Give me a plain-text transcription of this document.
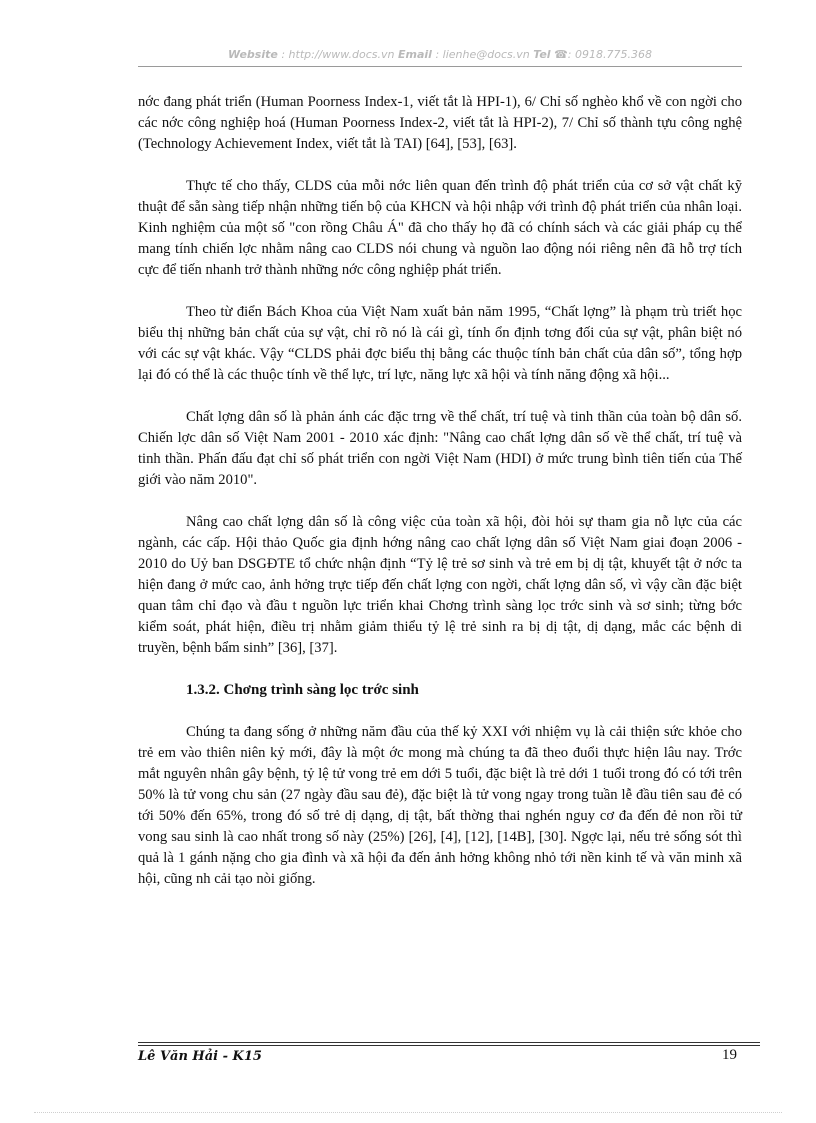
Website : http://www.docs.vn Email : lienhe@docs.vn Tel ☎: 0918.775.368

nớc đang phát triển (Human Poorness Index-1, viết tắt là HPI-1), 6/ Chỉ số nghèo khổ về con ngời cho các nớc công nghiệp hoá (Human Poorness Index-2, viết tắt là HPI-2), 7/ Chỉ số thành tựu công nghệ (Technology Achievement Index, viết tắt là TAI) [64], [53], [63].

Thực tế cho thấy, CLDS của mỗi nớc liên quan đến trình độ phát triển của cơ sở vật chất kỹ thuật để sẵn sàng tiếp nhận những tiến bộ của KHCN và hội nhập với trình độ phát triển của nhân loại. Kinh nghiệm của một số "con rồng Châu Á" đã cho thấy họ đã có chính sách và các giải pháp cụ thể mang tính chiến lợc nhằm nâng cao CLDS nói chung và nguồn lao động nói riêng nên đã hỗ trợ tích cực để tiến nhanh trở thành những nớc công nghiệp phát triển.

Theo từ điển Bách Khoa của Việt Nam xuất bản năm 1995, “Chất lợng” là phạm trù triết học biểu thị những bản chất của sự vật, chỉ rõ nó là cái gì, tính ổn định tơng đối của sự vật, phân biệt nó với các sự vật khác. Vậy “CLDS phải đợc biểu thị bằng các thuộc tính bản chất của dân số”, tổng hợp lại đó có thể là các thuộc tính về thể lực, trí lực, năng lực xã hội và tính năng động xã hội...

Chất lợng dân số là phản ánh các đặc trng về thể chất, trí tuệ và tinh thần của toàn bộ dân số. Chiến lợc dân số Việt Nam 2001 - 2010 xác định: "Nâng cao chất lợng dân số về thể chất, trí tuệ và tinh thần. Phấn đấu đạt chỉ số phát triển con ngời Việt Nam (HDI) ở mức trung bình tiên tiến của Thế giới vào năm 2010".

Nâng cao chất lợng dân số là công việc của toàn xã hội, đòi hỏi sự tham gia nỗ lực của các ngành, các cấp. Hội thảo Quốc gia định hớng nâng cao chất lợng dân số Việt Nam giai đoạn 2006 - 2010 do Uỷ ban DSGĐTE tổ chức nhận định “Tỷ lệ trẻ sơ sinh và trẻ em bị dị tật, khuyết tật ở nớc ta hiện đang ở mức cao, ảnh hởng trực tiếp đến chất lợng con ngời, chất lợng dân số, vì vậy cần đặc biệt quan tâm chỉ đạo và đầu t nguồn lực triển khai Chơng trình sàng lọc trớc sinh và sơ sinh; từng bớc kiểm soát, phát hiện, điều trị nhằm giảm thiểu tỷ lệ trẻ sinh ra bị dị tật, dị dạng, mắc các bệnh di truyền, bệnh bẩm sinh” [36], [37].

1.3.2. Chơng trình sàng lọc trớc sinh

Chúng ta đang sống ở những năm đầu của thế kỷ XXI với nhiệm vụ là cải thiện sức khỏe cho trẻ em vào thiên niên kỷ mới, đây là một ớc mong mà chúng ta đã theo đuổi thực hiện lâu nay. Trớc mắt nguyên nhân gây bệnh, tỷ lệ tử vong trẻ em dới 5 tuổi, đặc biệt là trẻ dới 1 tuổi trong đó có tới trên 50% là tử vong chu sản (27 ngày đầu sau đẻ), đặc biệt là tử vong ngay trong tuần lễ đầu tiên sau đẻ có tới 50% đến 65%, trong đó số trẻ dị dạng, dị tật, bất thờng thai nghén nguy cơ đa đến đẻ non rồi tử vong sau sinh là cao nhất trong số này (25%) [26], [4], [12], [14B], [30]. Ngợc lại, nếu trẻ sống sót thì quả là 1 gánh nặng cho gia đình và xã hội đa đến ảnh hởng không nhỏ tới nền kinh tế và văn minh xã hội, cũng nh cải tạo nòi giống.

Lê Văn Hải - K15	19
